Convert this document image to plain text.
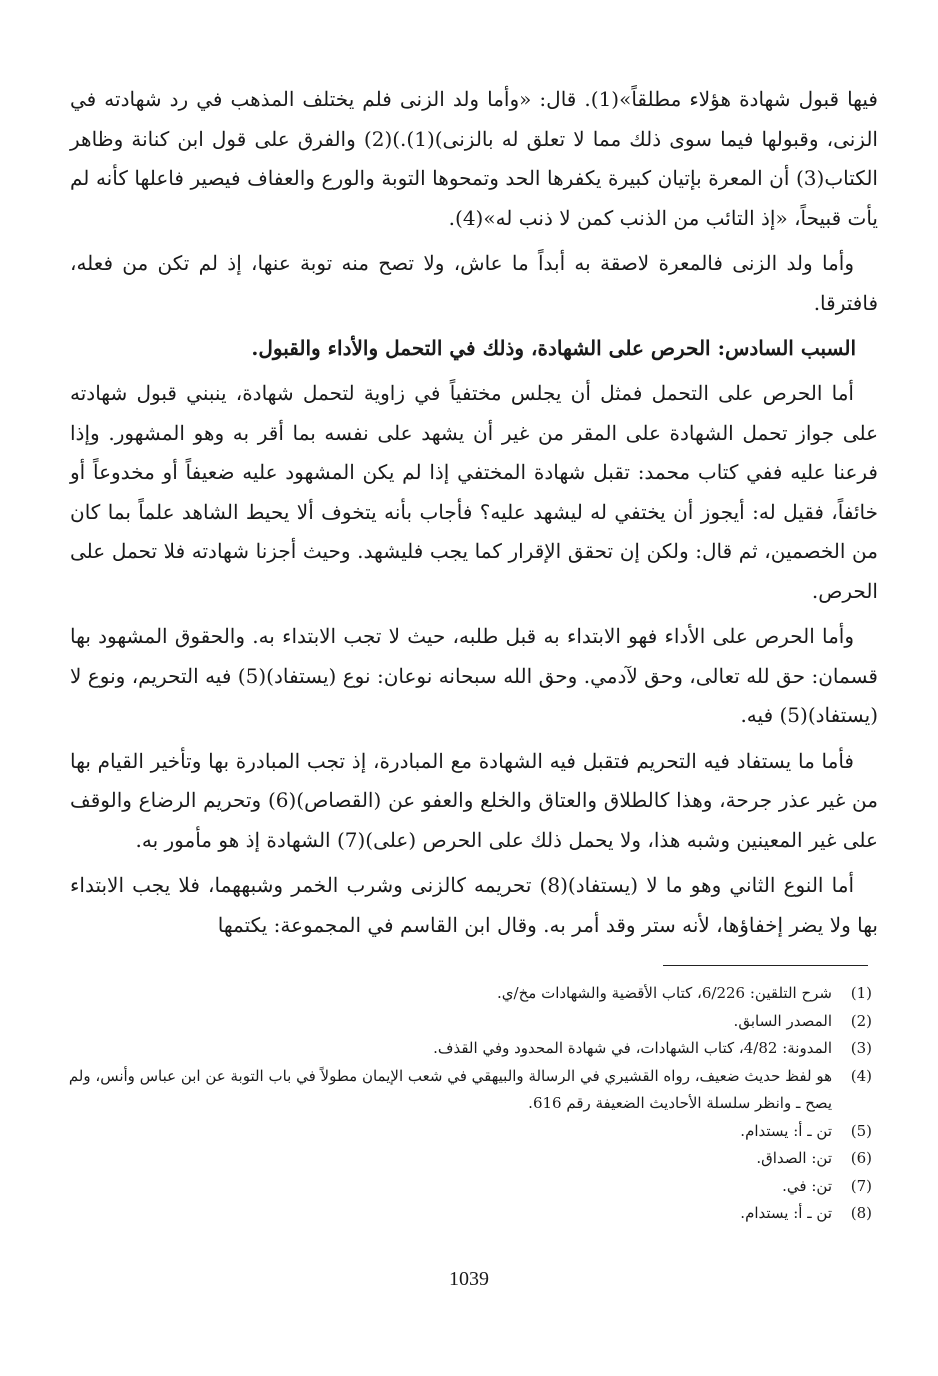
فيها قبول شهادة هؤلاء مطلقاً»(1). قال: «وأما ولد الزنى فلم يختلف المذهب في رد شهادته في الزنى، وقبولها فيما سوى ذلك مما لا تعلق له بالزنى)(1).)(2) والفرق على قول ابن كنانة وظاهر الكتاب(3) أن المعرة بإتيان كبيرة يكفرها الحد وتمحوها التوبة والورع والعفاف فيصير فاعلها كأنه لم يأت قبيحاً، «إذ التائب من الذنب كمن لا ذنب له»(4).

وأما ولد الزنى فالمعرة لاصقة به أبداً ما عاش، ولا تصح منه توبة عنها، إذ لم تكن من فعله، فافترقا.

السبب السادس: الحرص على الشهادة، وذلك في التحمل والأداء والقبول.

أما الحرص على التحمل فمثل أن يجلس مختفياً في زاوية لتحمل شهادة، ينبني قبول شهادته على جواز تحمل الشهادة على المقر من غير أن يشهد على نفسه بما أقر به وهو المشهور. وإذا فرعنا عليه ففي كتاب محمد: تقبل شهادة المختفي إذا لم يكن المشهود عليه ضعيفاً أو مخدوعاً أو خائفاً، فقيل له: أيجوز أن يختفي له ليشهد عليه؟ فأجاب بأنه يتخوف ألا يحيط الشاهد علماً بما كان من الخصمين، ثم قال: ولكن إن تحقق الإقرار كما يجب فليشهد. وحيث أجزنا شهادته فلا تحمل على الحرص.

وأما الحرص على الأداء فهو الابتداء به قبل طلبه، حيث لا تجب الابتداء به. والحقوق المشهود بها قسمان: حق لله تعالى، وحق لآدمي. وحق الله سبحانه نوعان: نوع (يستفاد)(5) فيه التحريم، ونوع لا (يستفاد)(5) فيه.

فأما ما يستفاد فيه التحريم فتقبل فيه الشهادة مع المبادرة، إذ تجب المبادرة بها وتأخير القيام بها من غير عذر جرحة، وهذا كالطلاق والعتاق والخلع والعفو عن (القصاص)(6) وتحريم الرضاع والوقف على غير المعينين وشبه هذا، ولا يحمل ذلك على الحرص (على)(7) الشهادة إذ هو مأمور به.

أما النوع الثاني وهو ما لا (يستفاد)(8) تحريمه كالزنى وشرب الخمر وشبههما، فلا يجب الابتداء بها ولا يضر إخفاؤها، لأنه ستر وقد أمر به. وقال ابن القاسم في المجموعة: يكتمها

(1)
شرح التلقين: 6/226، كتاب الأقضية والشهادات مخ/ي.
(2)
المصدر السابق.
(3)
المدونة: 4/82، كتاب الشهادات، في شهادة المحدود وفي القذف.
(4)
هو لفظ حديث ضعيف، رواه القشيري في الرسالة والبيهقي في شعب الإيمان مطولاً في باب التوبة عن ابن عباس وأنس، ولم يصح ـ وانظر سلسلة الأحاديث الضعيفة رقم 616.
(5)
تن ـ أ: يستدام.
(6)
تن: الصداق.
(7)
تن: في.
(8)
تن ـ أ: يستدام.
1039
